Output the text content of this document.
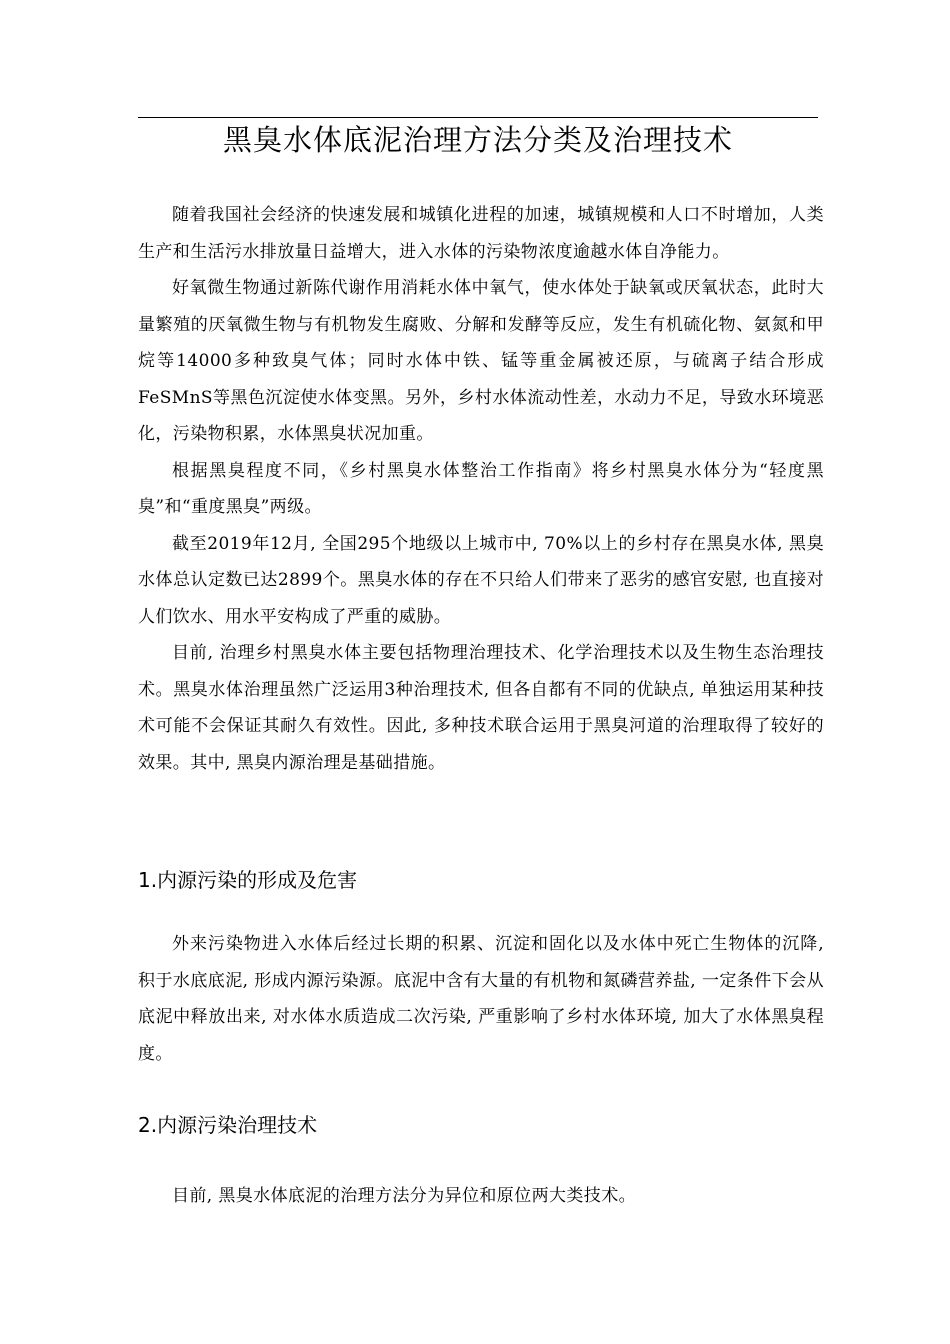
黑臭水体底泥治理方法分类及治理技术

随着我国社会经济的快速发展和城镇化进程的加速，城镇规模和人口不时增加，人类生产和生活污水排放量日益增大，进入水体的污染物浓度逾越水体自净能力。

好氧微生物通过新陈代谢作用消耗水体中氧气，使水体处于缺氧或厌氧状态，此时大量繁殖的厌氧微生物与有机物发生腐败、分解和发酵等反应，发生有机硫化物、氨氮和甲烷等14000多种致臭气体；同时水体中铁、锰等重金属被还原，与硫离子结合形成FeSMnS等黑色沉淀使水体变黑。另外，乡村水体流动性差，水动力不足，导致水环境恶化，污染物积累，水体黑臭状况加重。

根据黑臭程度不同，《乡村黑臭水体整治工作指南》将乡村黑臭水体分为“轻度黑臭”和“重度黑臭”两级。

截至2019年12月, 全国295个地级以上城市中, 70%以上的乡村存在黑臭水体, 黑臭水体总认定数已达2899个。黑臭水体的存在不只给人们带来了恶劣的感官安慰, 也直接对人们饮水、用水平安构成了严重的威胁。

目前, 治理乡村黑臭水体主要包括物理治理技术、化学治理技术以及生物生态治理技术。黑臭水体治理虽然广泛运用3种治理技术, 但各自都有不同的优缺点, 单独运用某种技术可能不会保证其耐久有效性。因此, 多种技术联合运用于黑臭河道的治理取得了较好的效果。其中, 黑臭内源治理是基础措施。

1.内源污染的形成及危害

外来污染物进入水体后经过长期的积累、沉淀和固化以及水体中死亡生物体的沉降, 积于水底底泥, 形成内源污染源。底泥中含有大量的有机物和氮磷营养盐, 一定条件下会从底泥中释放出来, 对水体水质造成二次污染, 严重影响了乡村水体环境, 加大了水体黑臭程度。

2.内源污染治理技术

目前, 黑臭水体底泥的治理方法分为异位和原位两大类技术。
